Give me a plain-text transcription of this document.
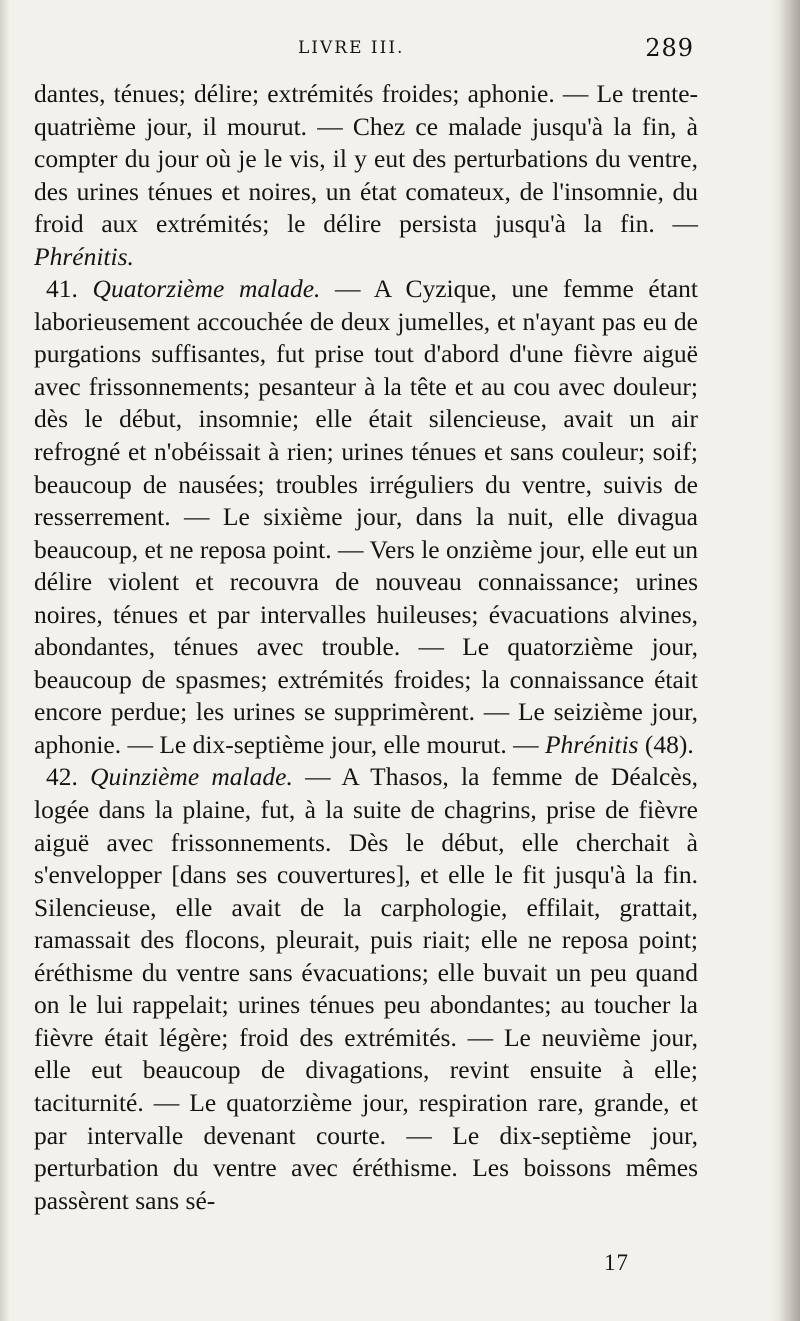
LIVRE III.	289

dantes, ténues; délire; extrémités froides; aphonie. — Le trente-quatrième jour, il mourut. — Chez ce malade jusqu'à la fin, à compter du jour où je le vis, il y eut des perturbations du ventre, des urines ténues et noires, un état comateux, de l'insomnie, du froid aux extrémités; le délire persista jusqu'à la fin. — Phrénitis.

41. Quatorzième malade. — A Cyzique, une femme étant laborieusement accouchée de deux jumelles, et n'ayant pas eu de purgations suffisantes, fut prise tout d'abord d'une fièvre aiguë avec frissonnements; pesanteur à la tête et au cou avec douleur; dès le début, insomnie; elle était silencieuse, avait un air refrogné et n'obéissait à rien; urines ténues et sans couleur; soif; beaucoup de nausées; troubles irréguliers du ventre, suivis de resserrement. — Le sixième jour, dans la nuit, elle divagua beaucoup, et ne reposa point. — Vers le onzième jour, elle eut un délire violent et recouvra de nouveau connaissance; urines noires, ténues et par intervalles huileuses; évacuations alvines, abondantes, ténues avec trouble. — Le quatorzième jour, beaucoup de spasmes; extrémités froides; la connaissance était encore perdue; les urines se supprimèrent. — Le seizième jour, aphonie. — Le dix-septième jour, elle mourut. — Phrénitis (48).

42. Quinzième malade. — A Thasos, la femme de Déalcès, logée dans la plaine, fut, à la suite de chagrins, prise de fièvre aiguë avec frissonnements. Dès le début, elle cherchait à s'envelopper [dans ses couvertures], et elle le fit jusqu'à la fin. Silencieuse, elle avait de la carphologie, effilait, grattait, ramassait des flocons, pleurait, puis riait; elle ne reposa point; éréthisme du ventre sans évacuations; elle buvait un peu quand on le lui rappelait; urines ténues peu abondantes; au toucher la fièvre était légère; froid des extrémités. — Le neuvième jour, elle eut beaucoup de divagations, revint ensuite à elle; taciturnité. — Le quatorzième jour, respiration rare, grande, et par intervalle devenant courte. — Le dix-septième jour, perturbation du ventre avec éréthisme. Les boissons mêmes passèrent sans sé-

17
